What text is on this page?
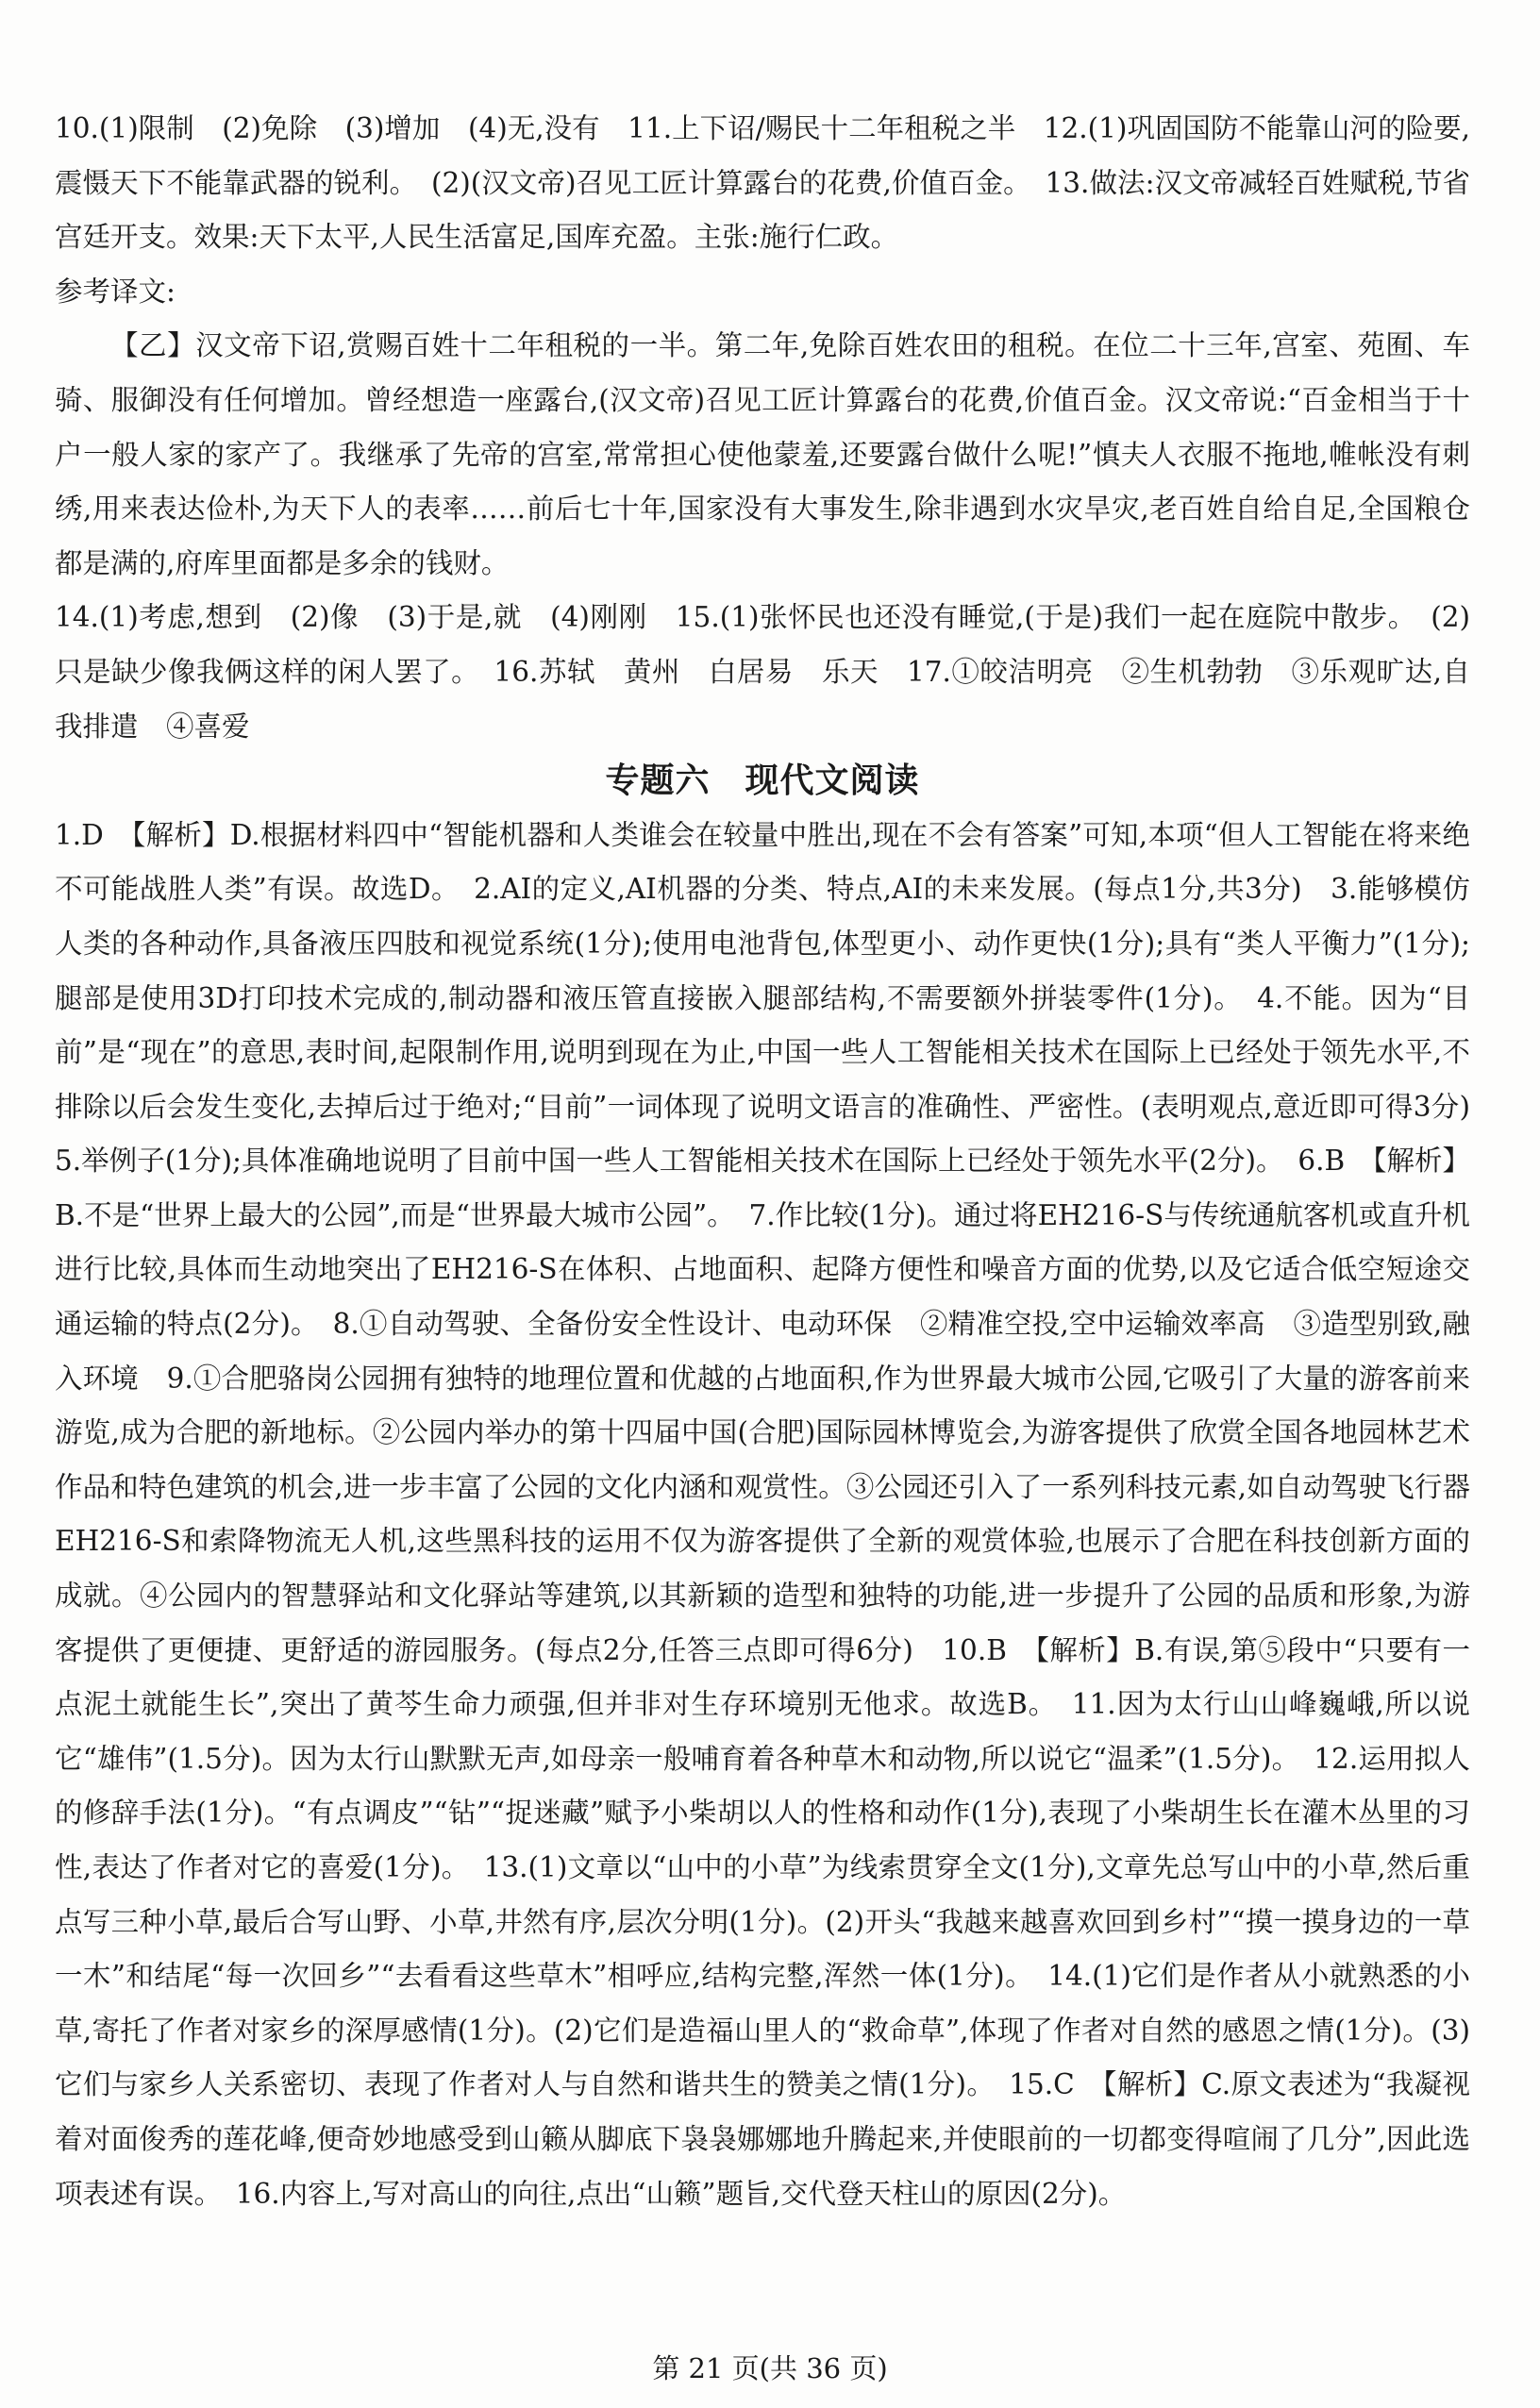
10.(1)限制　(2)免除　(3)增加　(4)无,没有　11.上下诏/赐民十二年租税之半　12.(1)巩固国防不能靠山河的险要,震慑天下不能靠武器的锐利。　(2)(汉文帝)召见工匠计算露台的花费,价值百金。　13.做法:汉文帝减轻百姓赋税,节省宫廷开支。效果:天下太平,人民生活富足,国库充盈。主张:施行仁政。

参考译文:

【乙】汉文帝下诏,赏赐百姓十二年租税的一半。第二年,免除百姓农田的租税。在位二十三年,宫室、苑囿、车骑、服御没有任何增加。曾经想造一座露台,(汉文帝)召见工匠计算露台的花费,价值百金。汉文帝说:“百金相当于十户一般人家的家产了。我继承了先帝的宫室,常常担心使他蒙羞,还要露台做什么呢!”慎夫人衣服不拖地,帷帐没有刺绣,用来表达俭朴,为天下人的表率……前后七十年,国家没有大事发生,除非遇到水灾旱灾,老百姓自给自足,全国粮仓都是满的,府库里面都是多余的钱财。

14.(1)考虑,想到　(2)像　(3)于是,就　(4)刚刚　15.(1)张怀民也还没有睡觉,(于是)我们一起在庭院中散步。　(2)只是缺少像我俩这样的闲人罢了。　16.苏轼　黄州　白居易　乐天　17.①皎洁明亮　②生机勃勃　③乐观旷达,自我排遣　④喜爱

专题六　现代文阅读

1.D　【解析】D.根据材料四中“智能机器和人类谁会在较量中胜出,现在不会有答案”可知,本项“但人工智能在将来绝不可能战胜人类”有误。故选D。　2.AI的定义,AI机器的分类、特点,AI的未来发展。(每点1分,共3分)　3.能够模仿人类的各种动作,具备液压四肢和视觉系统(1分);使用电池背包,体型更小、动作更快(1分);具有“类人平衡力”(1分);腿部是使用3D打印技术完成的,制动器和液压管直接嵌入腿部结构,不需要额外拼装零件(1分)。　4.不能。因为“目前”是“现在”的意思,表时间,起限制作用,说明到现在为止,中国一些人工智能相关技术在国际上已经处于领先水平,不排除以后会发生变化,去掉后过于绝对;“目前”一词体现了说明文语言的准确性、严密性。(表明观点,意近即可得3分)　5.举例子(1分);具体准确地说明了目前中国一些人工智能相关技术在国际上已经处于领先水平(2分)。　6.B　【解析】B.不是“世界上最大的公园”,而是“世界最大城市公园”。　7.作比较(1分)。通过将EH216-S与传统通航客机或直升机进行比较,具体而生动地突出了EH216-S在体积、占地面积、起降方便性和噪音方面的优势,以及它适合低空短途交通运输的特点(2分)。　8.①自动驾驶、全备份安全性设计、电动环保　②精准空投,空中运输效率高　③造型别致,融入环境　9.①合肥骆岗公园拥有独特的地理位置和优越的占地面积,作为世界最大城市公园,它吸引了大量的游客前来游览,成为合肥的新地标。②公园内举办的第十四届中国(合肥)国际园林博览会,为游客提供了欣赏全国各地园林艺术作品和特色建筑的机会,进一步丰富了公园的文化内涵和观赏性。③公园还引入了一系列科技元素,如自动驾驶飞行器EH216-S和索降物流无人机,这些黑科技的运用不仅为游客提供了全新的观赏体验,也展示了合肥在科技创新方面的成就。④公园内的智慧驿站和文化驿站等建筑,以其新颖的造型和独特的功能,进一步提升了公园的品质和形象,为游客提供了更便捷、更舒适的游园服务。(每点2分,任答三点即可得6分)　10.B　【解析】B.有误,第⑤段中“只要有一点泥土就能生长”,突出了黄芩生命力顽强,但并非对生存环境别无他求。故选B。　11.因为太行山山峰巍峨,所以说它“雄伟”(1.5分)。因为太行山默默无声,如母亲一般哺育着各种草木和动物,所以说它“温柔”(1.5分)。　12.运用拟人的修辞手法(1分)。“有点调皮”“钻”“捉迷藏”赋予小柴胡以人的性格和动作(1分),表现了小柴胡生长在灌木丛里的习性,表达了作者对它的喜爱(1分)。　13.(1)文章以“山中的小草”为线索贯穿全文(1分),文章先总写山中的小草,然后重点写三种小草,最后合写山野、小草,井然有序,层次分明(1分)。(2)开头“我越来越喜欢回到乡村”“摸一摸身边的一草一木”和结尾“每一次回乡”“去看看这些草木”相呼应,结构完整,浑然一体(1分)。　14.(1)它们是作者从小就熟悉的小草,寄托了作者对家乡的深厚感情(1分)。(2)它们是造福山里人的“救命草”,体现了作者对自然的感恩之情(1分)。(3)它们与家乡人关系密切、表现了作者对人与自然和谐共生的赞美之情(1分)。　15.C　【解析】C.原文表述为“我凝视着对面俊秀的莲花峰,便奇妙地感受到山籁从脚底下袅袅娜娜地升腾起来,并使眼前的一切都变得喧闹了几分”,因此选项表述有误。　16.内容上,写对高山的向往,点出“山籁”题旨,交代登天柱山的原因(2分)。

第 21 页(共 36 页)
